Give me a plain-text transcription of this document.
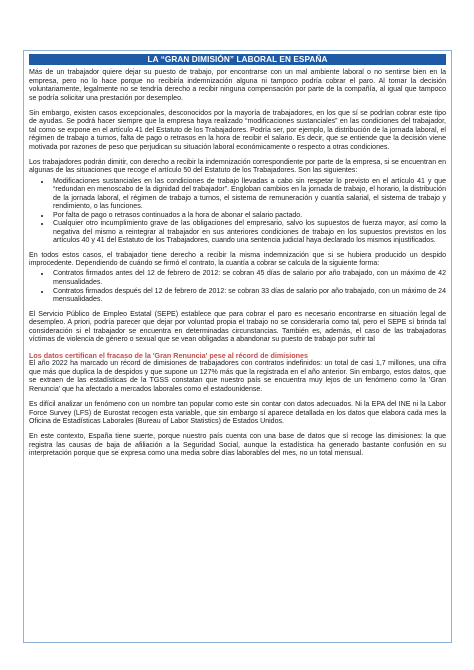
LA “GRAN DIMISIÓN” LABORAL EN ESPAÑA

Más de un trabajador quiere dejar su puesto de trabajo, por encontrarse con un mal ambiente laboral o no sentirse bien en la empresa, pero no lo hace porque no recibiría indemnización alguna ni tampoco podría cobrar el paro. Al tomar la decisión voluntariamente, legalmente no se tendría derecho a recibir ninguna compensación por parte de la compañía, al igual que tampoco se podría solicitar una prestación por desempleo.

Sin embargo, existen casos excepcionales, desconocidos por la mayoría de trabajadores, en los que sí se podrían cobrar este tipo de ayudas. Se podrá hacer siempre que la empresa haya realizado “modificaciones sustanciales” en las condiciones del trabajador, tal como se expone en el artículo 41 del Estatuto de los Trabajadores. Podría ser, por ejemplo, la distribución de la jornada laboral, el régimen de trabajo a turnos, falta de pago o retrasos en la hora de recibir el salario. Es decir, que se entiende que la decisión viene motivada por razones de peso que perjudican su situación laboral económicamente o respecto a otras condiciones.

Los trabajadores podrán dimitir, con derecho a recibir la indemnización correspondiente por parte de la empresa, si se encuentran en algunas de las situaciones que recoge el artículo 50 del Estatuto de los Trabajadores. Son las siguientes:

• Modificaciones sustanciales en las condiciones de trabajo llevadas a cabo sin respetar lo previsto en el artículo 41 y que “redundan en menoscabo de la dignidad del trabajador”. Engloban cambios en la jornada de trabajo, el horario, la distribución de la jornada laboral, el régimen de trabajo a turnos, el sistema de remuneración y cuantía salarial, el sistema de trabajo y rendimiento, o las funciones.
• Por falta de pago o retrasos continuados a la hora de abonar el salario pactado.
• Cualquier otro incumplimiento grave de las obligaciones del empresario, salvo los supuestos de fuerza mayor, así como la negativa del mismo a reintegrar al trabajador en sus anteriores condiciones de trabajo en los supuestos previstos en los artículos 40 y 41 del Estatuto de los Trabajadores, cuando una sentencia judicial haya declarado los mismos injustificados.

En todos estos casos, el trabajador tiene derecho a recibir la misma indemnización que si se hubiera producido un despido improcedente. Dependiendo de cuándo se firmó el contrato, la cuantía a cobrar se calcula de la siguiente forma:

• Contratos firmados antes del 12 de febrero de 2012: se cobran 45 días de salario por año trabajado, con un máximo de 42 mensualidades.
• Contratos firmados después del 12 de febrero de 2012: se cobran 33 días de salario por año trabajado, con un máximo de 24 mensualidades.

El Servicio Público de Empleo Estatal (SEPE) establece que para cobrar el paro es necesario encontrarse en situación legal de desempleo. A priori, podría parecer que dejar por voluntad propia el trabajo no se consideraría como tal, pero el SEPE sí brinda tal consideración si el trabajador se encuentra en determinadas circunstancias. También es, además, el caso de las trabajadoras víctimas de violencia de género o sexual que se vean obligadas a abandonar su puesto de trabajo por sufrir tal

Los datos certifican el fracaso de la 'Gran Renuncia' pese al récord de dimisiones

El año 2022 ha marcado un récord de dimisiones de trabajadores con contratos indefinidos: un total de casi 1,7 millones, una cifra que más que duplica la de despidos y que supone un 127% más que la registrada en el año anterior. Sin embargo, estos datos, que se extraen de las estadísticas de la TGSS constatan que nuestro país se encuentra muy lejos de un fenómeno como la 'Gran Renuncia' que ha afectado a mercados laborales como el estadounidense.

Es difícil analizar un fenómeno con un nombre tan popular como este sin contar con datos adecuados. Ni la EPA del INE ni la Labor Force Survey (LFS) de Eurostat recogen esta variable, que sin embargo sí aparece detallada en los datos que elabora cada mes la Oficina de Estadísticas Laborales (Bureau of Labor Statistics) de Estados Unidos.

En este contexto, España tiene suerte, porque nuestro país cuenta con una base de datos que sí recoge las dimisiones: la que registra las causas de baja de afiliación a la Seguridad Social, aunque la estadística ha generado bastante confusión en su interpretación porque que se expresa como una media sobre días laborables del mes, no un total mensual.
